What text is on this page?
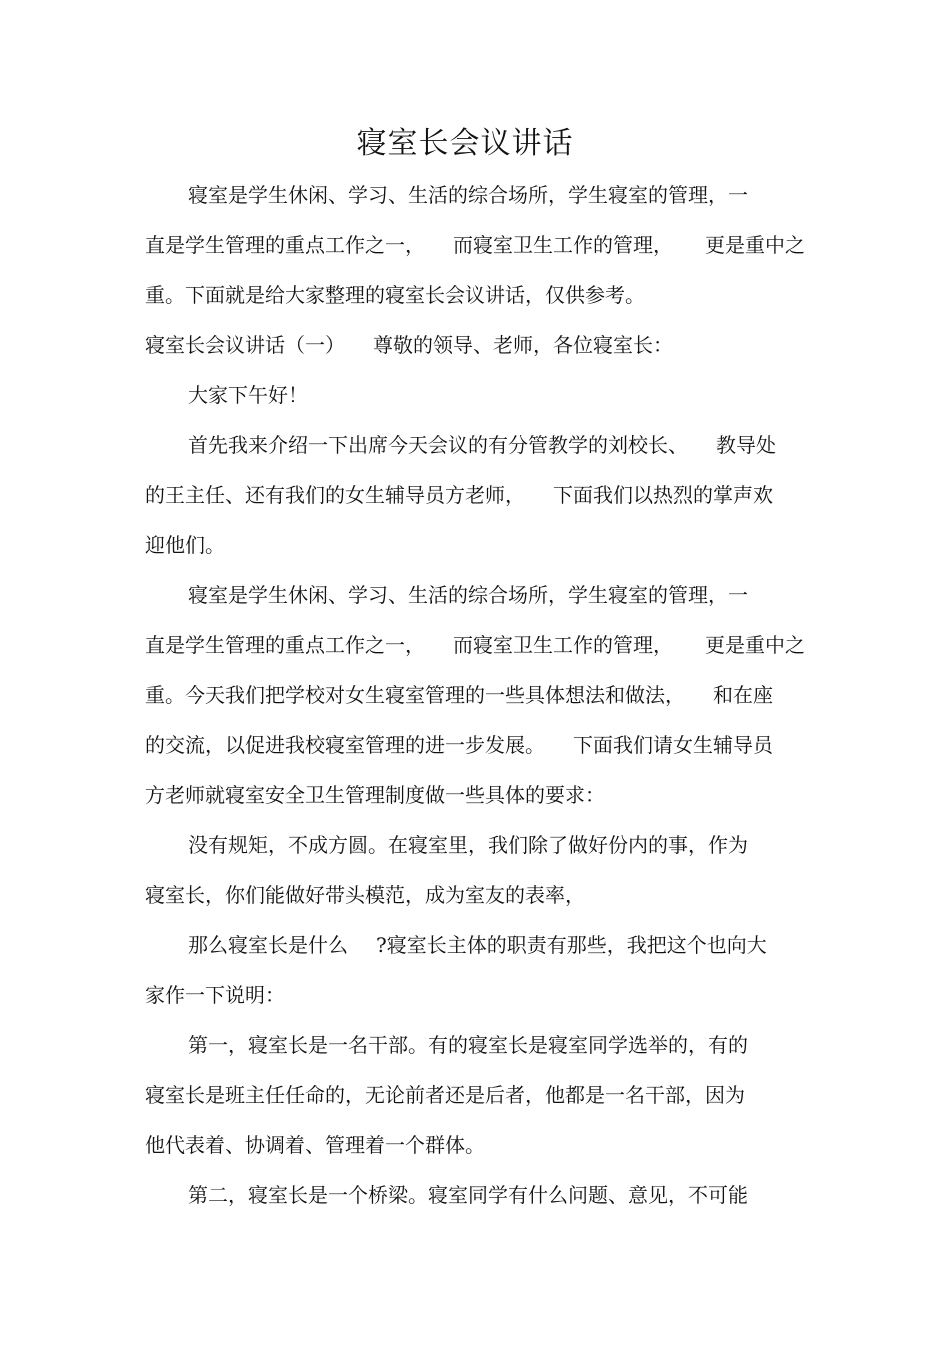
寝室长会议讲话
寝室是学生休闲、学习、生活的综合场所，学生寝室的管理，一
直是学生管理的重点工作之一， 而寝室卫生工作的管理， 更是重中之
重。下面就是给大家整理的寝室长会议讲话，仅供参考。
寝室长会议讲话（一） 尊敬的领导、老师，各位寝室长：
大家下午好！
首先我来介绍一下出席今天会议的有分管教学的刘校长、 教导处
的王主任、还有我们的女生辅导员方老师， 下面我们以热烈的掌声欢
迎他们。
寝室是学生休闲、学习、生活的综合场所，学生寝室的管理，一
直是学生管理的重点工作之一， 而寝室卫生工作的管理， 更是重中之
重。今天我们把学校对女生寝室管理的一些具体想法和做法， 和在座
的交流，以促进我校寝室管理的进一步发展。 下面我们请女生辅导员
方老师就寝室安全卫生管理制度做一些具体的要求：
没有规矩，不成方圆。在寝室里，我们除了做好份内的事，作为
寝室长，你们能做好带头模范，成为室友的表率，
那么寝室长是什么 ?寝室长主体的职责有那些，我把这个也向大
家作一下说明：
第一，寝室长是一名干部。有的寝室长是寝室同学选举的，有的
寝室长是班主任任命的，无论前者还是后者，他都是一名干部，因为
他代表着、协调着、管理着一个群体。
第二，寝室长是一个桥梁。寝室同学有什么问题、意见，不可能
